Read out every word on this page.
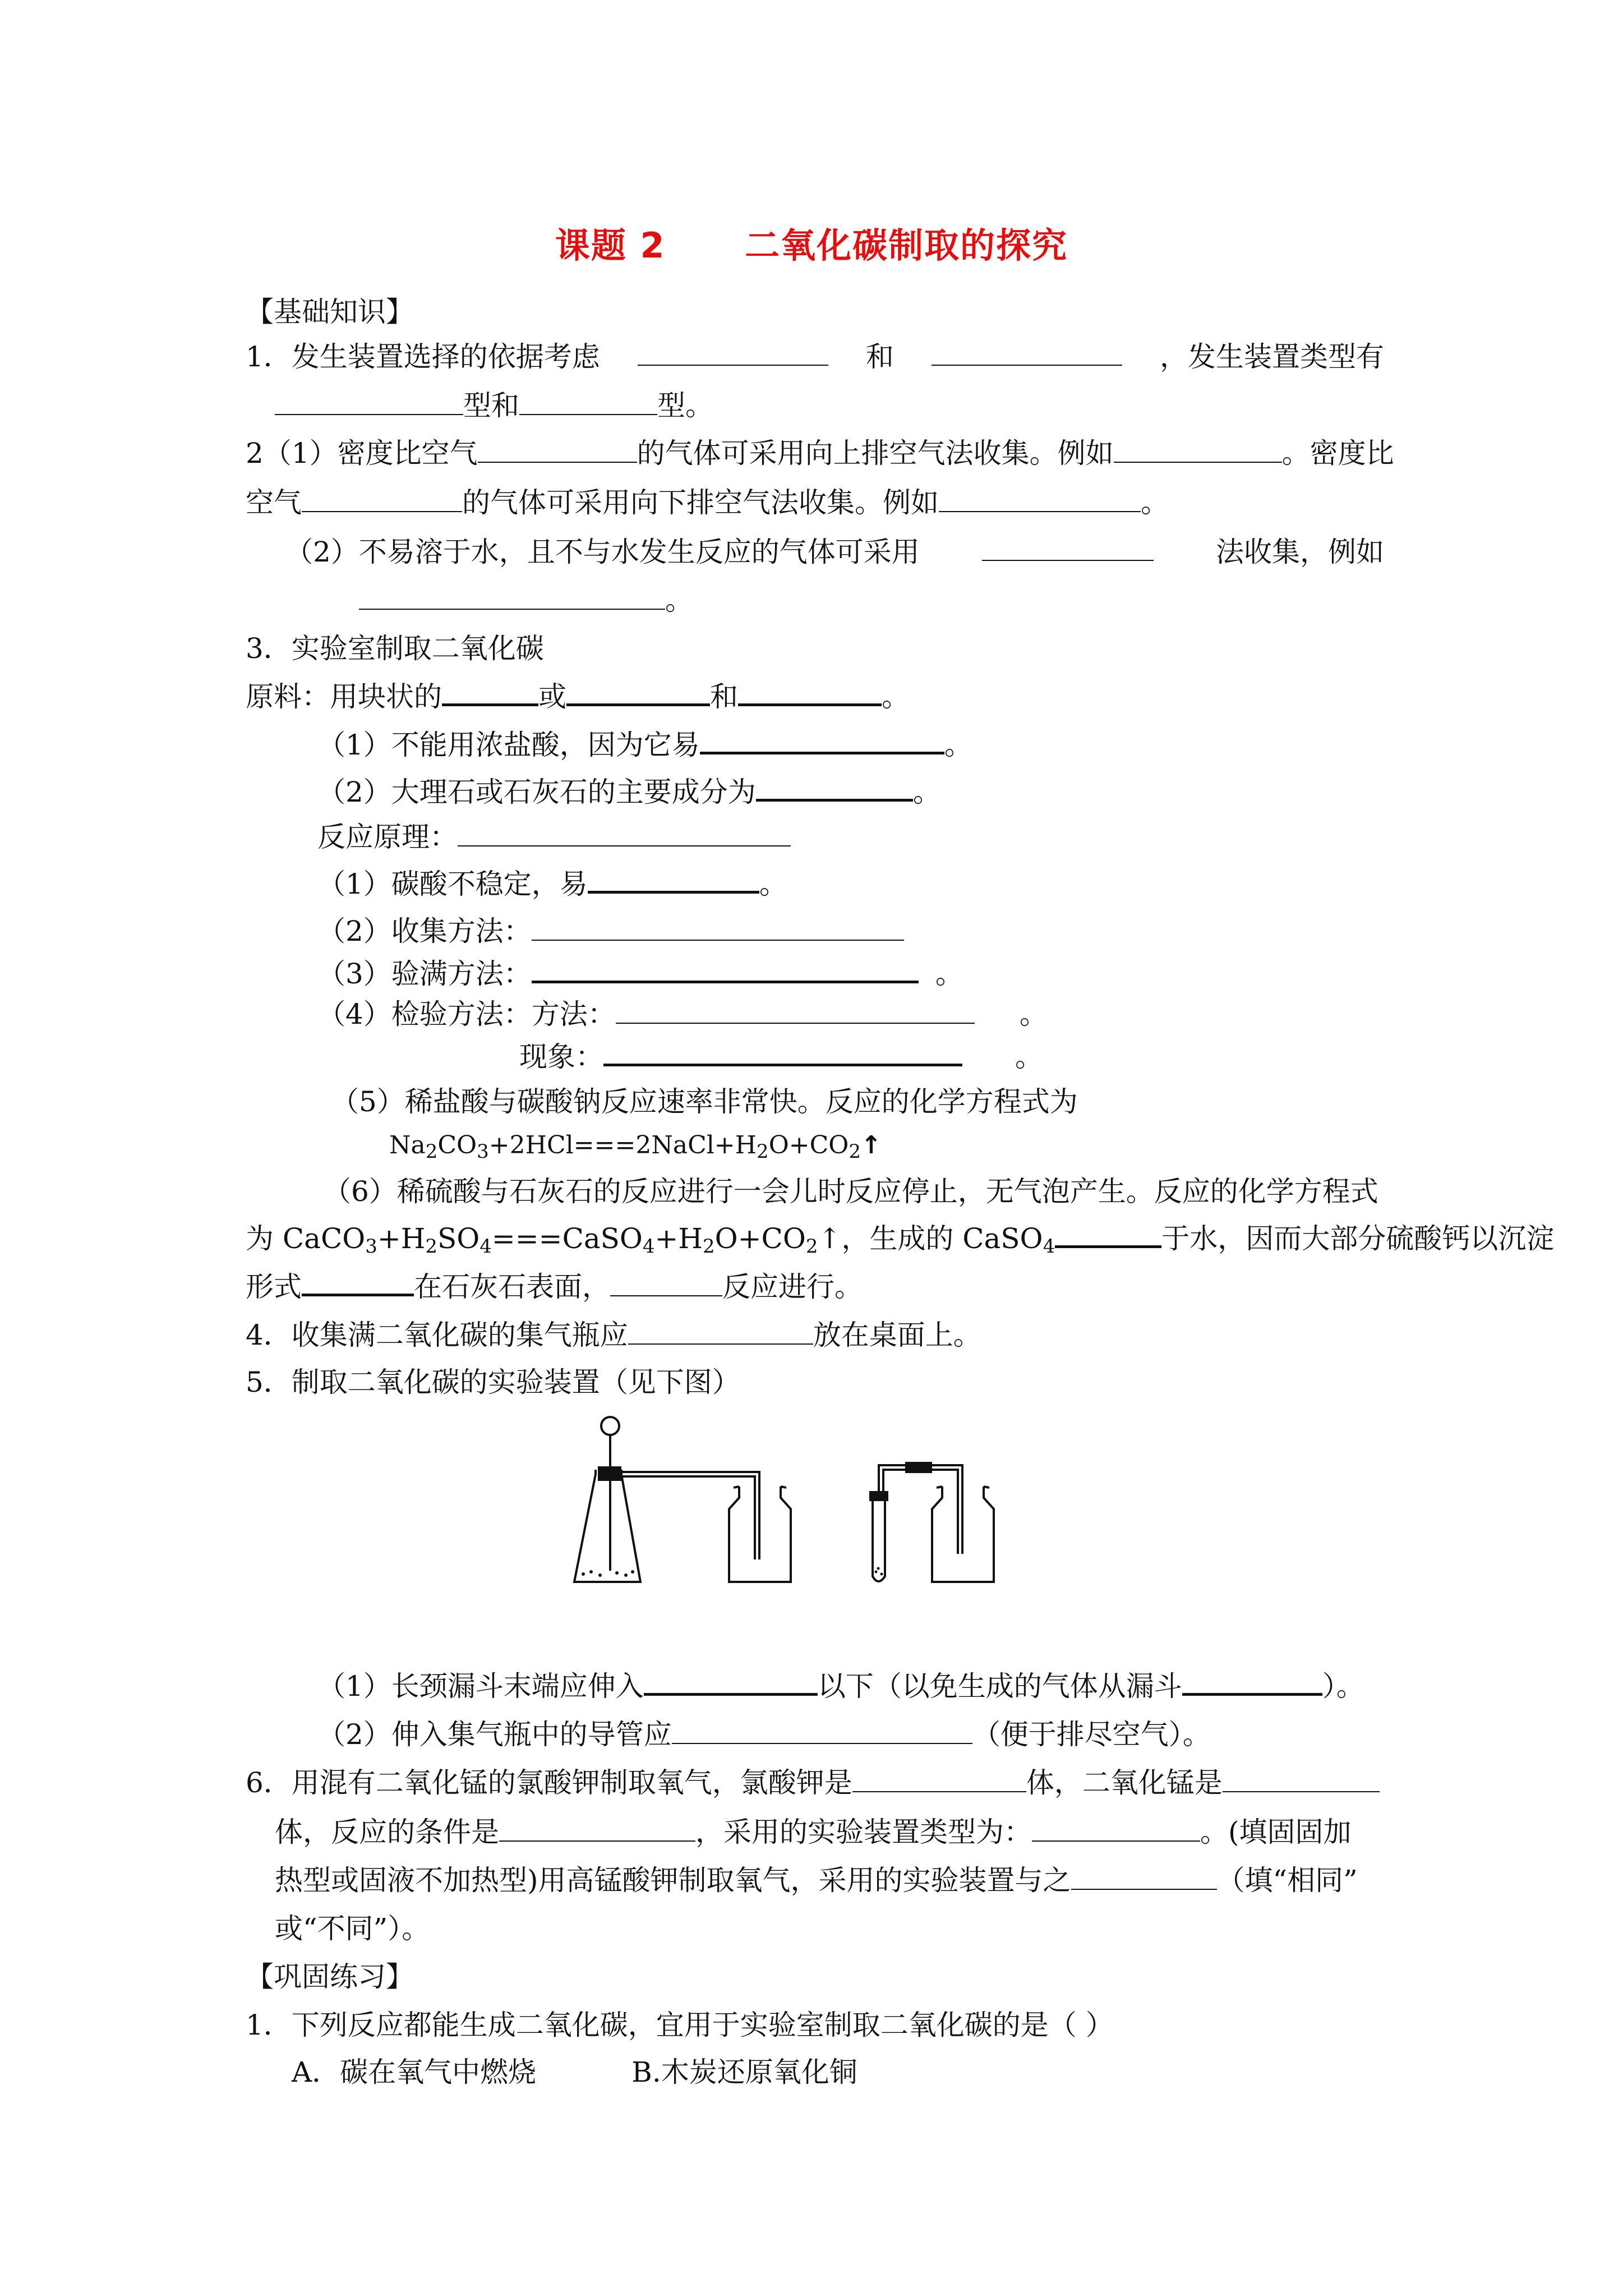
课题 2      二氧化碳制取的探究
【基础知识】
1．发生装置选择的依据考虑	和	，发生装置类型有
型和	型。
2（1）密度比空气	的气体可采用向上排空气法收集。例如	。密度比
空气	的气体可采用向下排空气法收集。例如	。
（2）不易溶于水，且不与水发生反应的气体可采用	法收集，例如
。
3．实验室制取二氧化碳
原料：用块状的	或	和	。
（1）不能用浓盐酸，因为它易	。
（2）大理石或石灰石的主要成分为	。
反应原理：
（1）碳酸不稳定，易	。
（2）收集方法：
（3）验满方法：	。
（4）检验方法：方法：	。
现象：	。
（5）稀盐酸与碳酸钠反应速率非常快。反应的化学方程式为
$Na_2CO_3+2HCl===2NaCl+H_2O+CO_2↑$
（6）稀硫酸与石灰石的反应进行一会儿时反应停止，无气泡产生。反应的化学方程式
为 $CaCO_3+H_2SO_4===CaSO_4+H_2O+CO_2↑$，生成的 CaSO$_4$	于水，因而大部分硫酸钙以沉淀
形式	在石灰石表面，	反应进行。
4．收集满二氧化碳的集气瓶应	放在桌面上。
5．制取二氧化碳的实验装置（见下图）
（1）长颈漏斗末端应伸入	以下（以免生成的气体从漏斗	）。
（2）伸入集气瓶中的导管应	（便于排尽空气）。
6．用混有二氧化锰的氯酸钾制取氧气，氯酸钾是	体，二氧化锰是
体，反应的条件是	，采用的实验装置类型为：	。(填固固加
热型或固液不加热型)用高锰酸钾制取氧气，采用的实验装置与之	（填“相同”
或“不同”）。
【巩固练习】
1．下列反应都能生成二氧化碳，宜用于实验室制取二氧化碳的是（ ）
A．碳在氧气中燃烧	B.木炭还原氧化铜
